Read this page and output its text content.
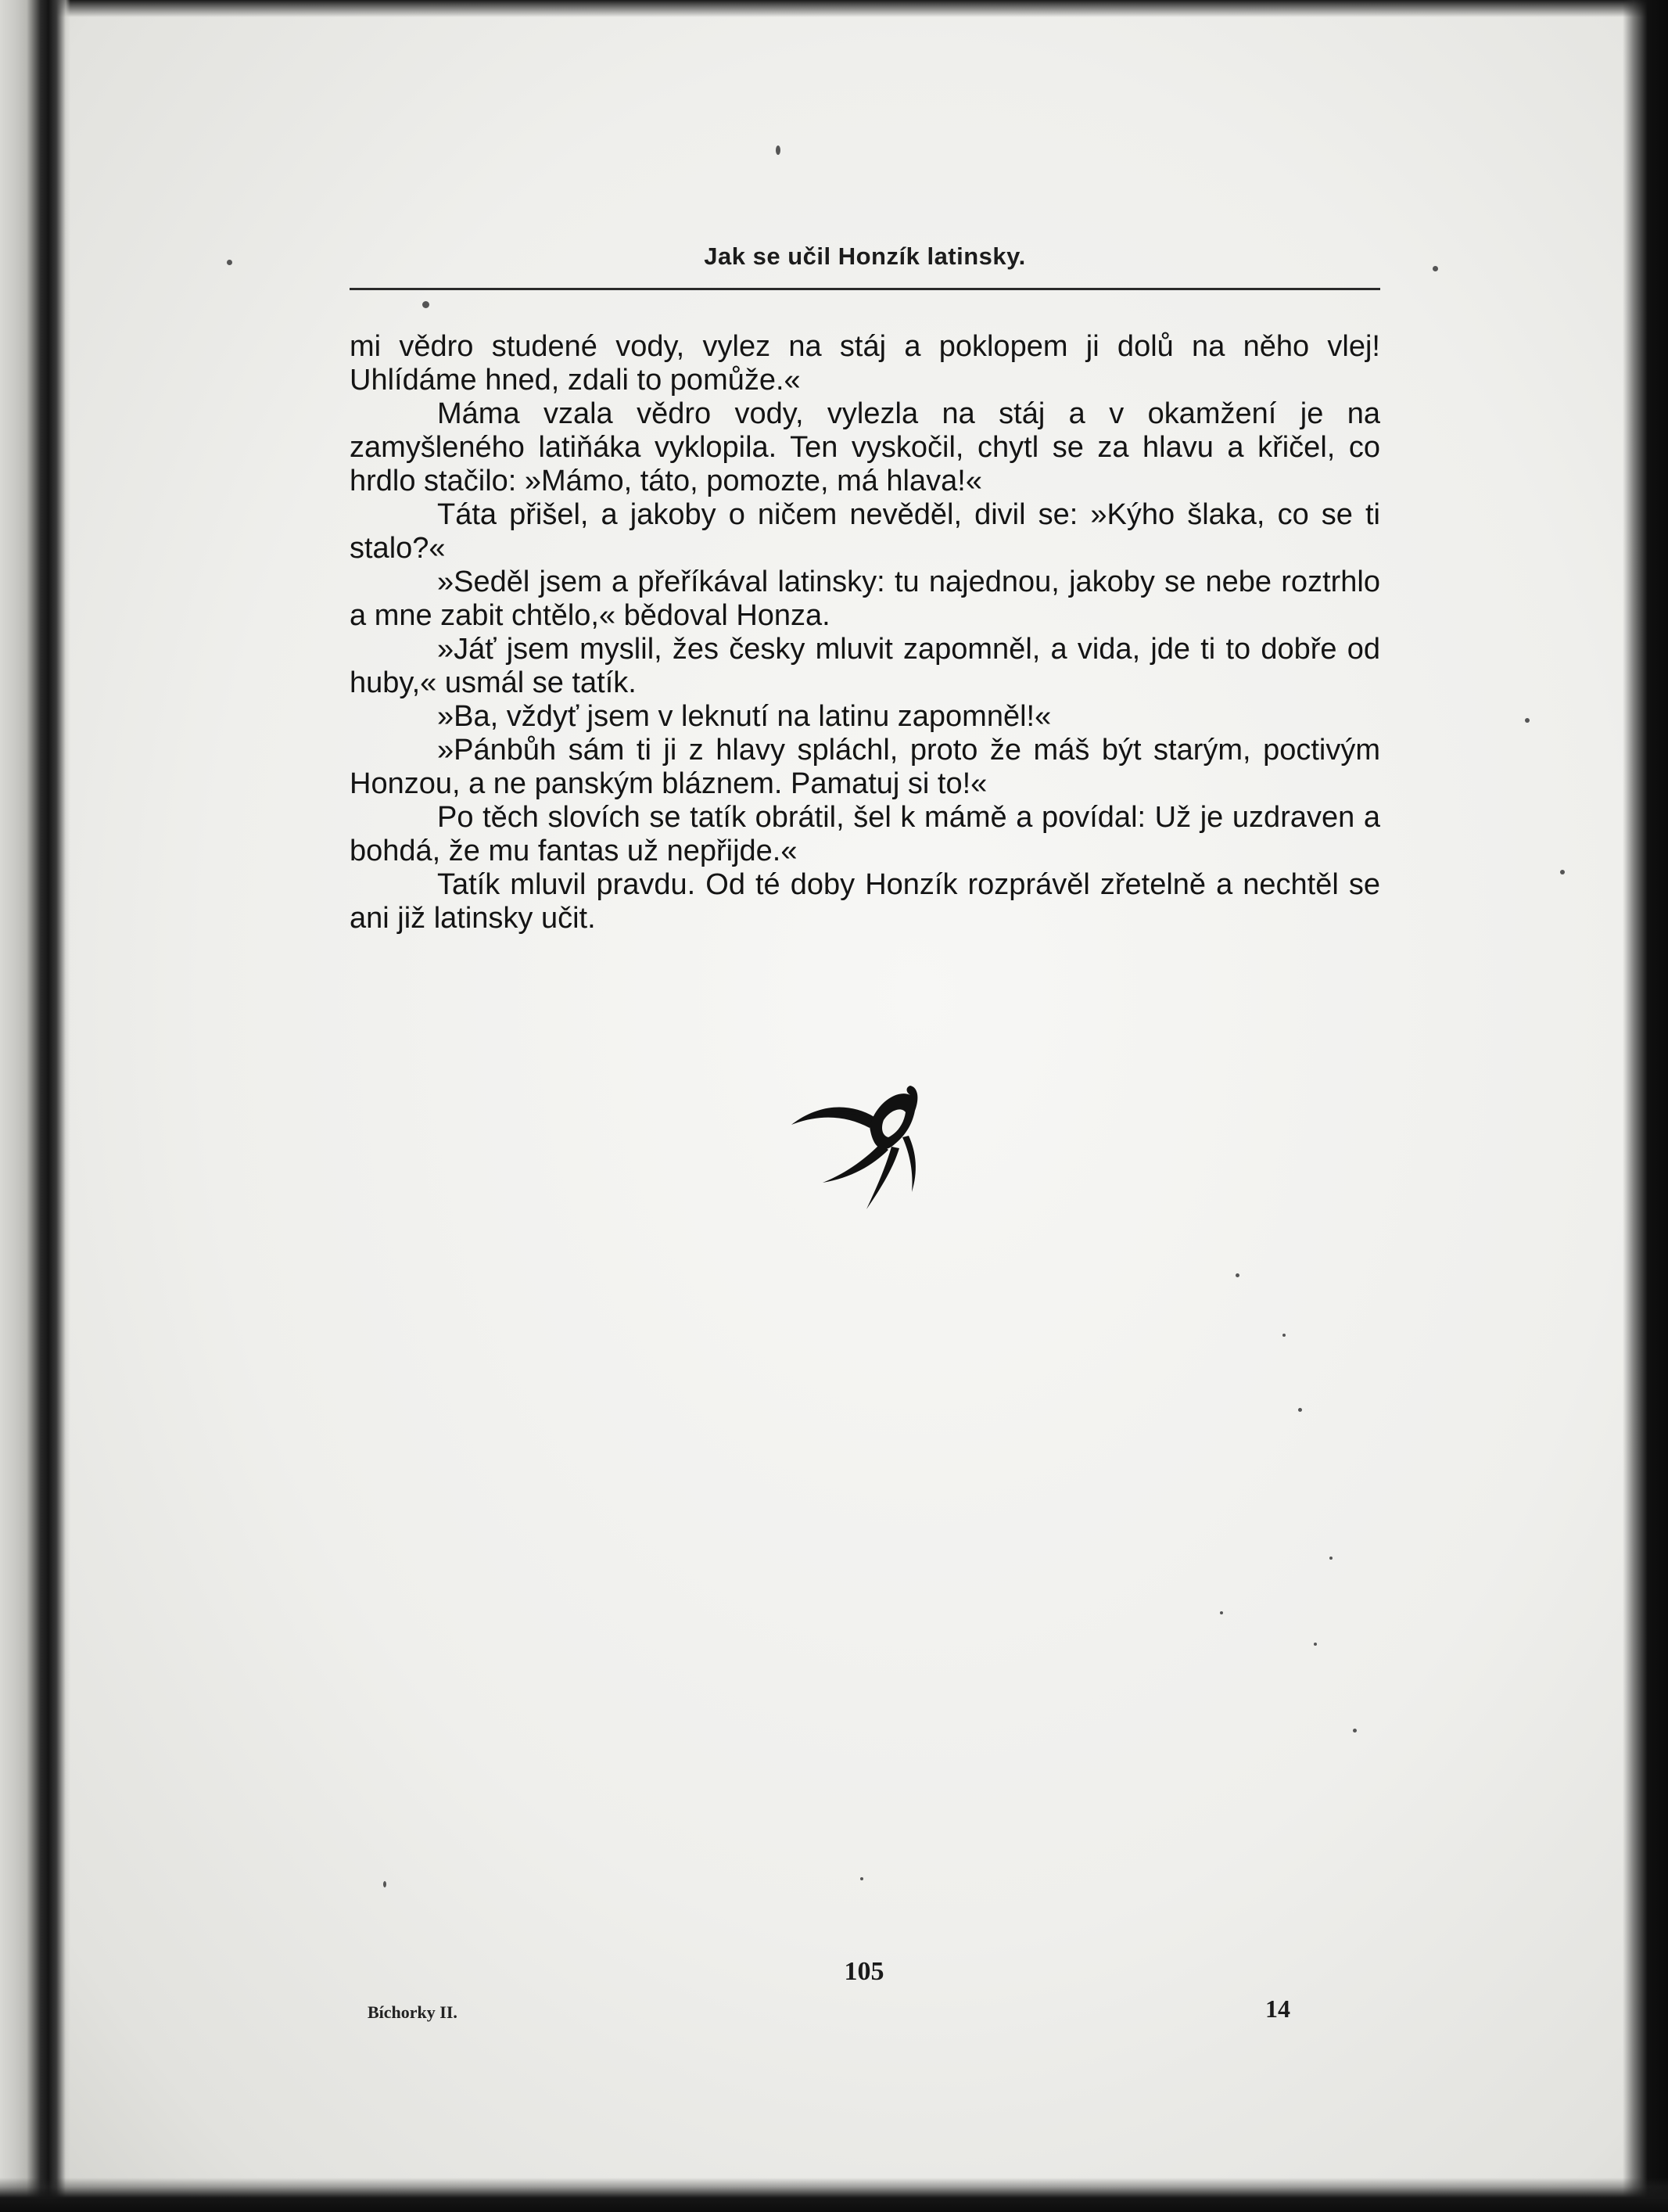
Jak se učil Honzík latinsky.

mi vědro studené vody, vylez na stáj a poklopem ji dolů na něho vlej! Uhlídáme hned, zdali to pomůže.«

Máma vzala vědro vody, vylezla na stáj a v okamžení je na zamyšleného latiňáka vyklopila. Ten vyskočil, chytl se za hlavu a křičel, co hrdlo stačilo: »Mámo, táto, pomozte, má hlava!«

Táta přišel, a jakoby o ničem nevěděl, divil se: »Kýho šlaka, co se ti stalo?«

»Seděl jsem a přeříkával latinsky: tu najednou, jakoby se nebe roztrhlo a mne zabit chtělo,« bědoval Honza.

»Jáť jsem myslil, žes česky mluvit zapomněl, a vida, jde ti to dobře od huby,« usmál se tatík.

»Ba, vždyť jsem v leknutí na latinu zapomněl!«

»Pánbůh sám ti ji z hlavy spláchl, proto že máš být starým, poctivým Honzou, a ne panským bláznem. Pamatuj si to!«

Po těch slovích se tatík obrátil, šel k mámě a povídal: Už je uzdraven a bohdá, že mu fantas už nepřijde.«

Tatík mluvil pravdu. Od té doby Honzík rozprávěl zřetelně a nechtěl se ani již latinsky učit.

105
Bíchorky II.	14
